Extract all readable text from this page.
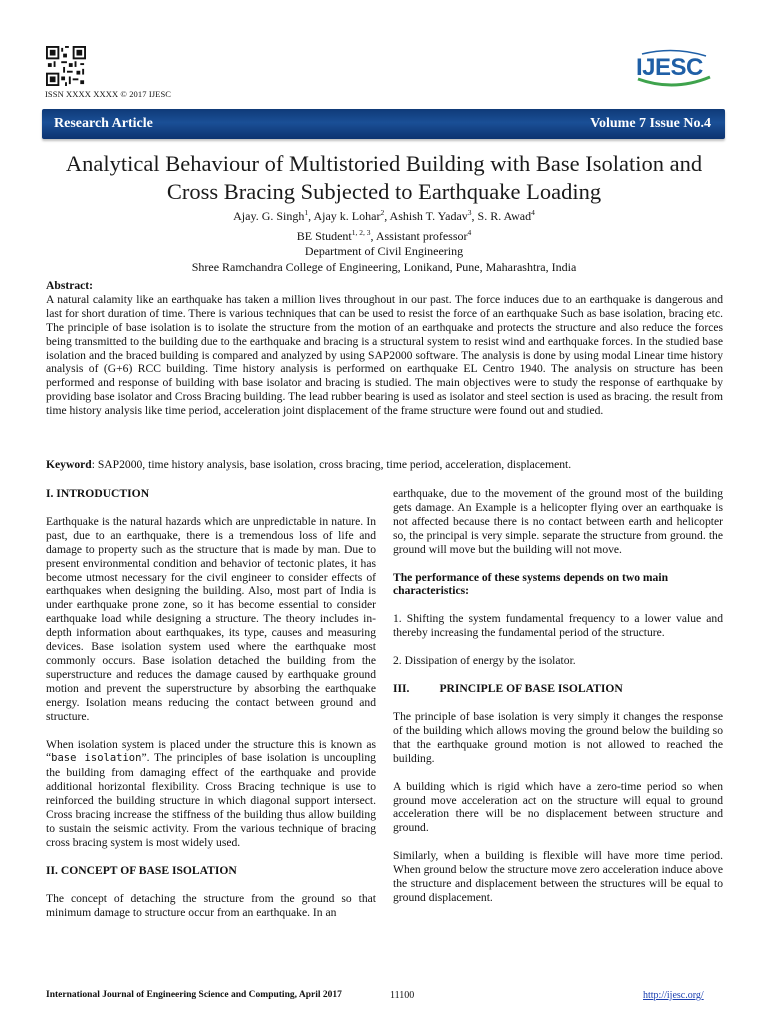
ISSN XXXX XXXX © 2017 IJESC
IJESC
Research Article	Volume 7 Issue No.4
Analytical Behaviour of Multistoried Building with Base Isolation and
Cross Bracing Subjected to Earthquake Loading
Ajay. G. Singh$^1$, Ajay k. Lohar$^2$, Ashish T. Yadav$^3$, S. R. Awad$^4$
BE Student$^{1, 2, 3}$, Assistant professor$^4$
Department of Civil Engineering
Shree Ramchandra College of Engineering, Lonikand, Pune, Maharashtra, India
Abstract:
A natural calamity like an earthquake has taken a million lives throughout in our past. The force induces due to an earthquake is dangerous and last for short duration of time. There is various techniques that can be used to resist the force of an earthquake Such as base isolation, bracing etc. The principle of base isolation is to isolate the structure from the motion of an earthquake and protects the structure and also reduce the forces being transmitted to the building due to the earthquake and bracing is a structural system to resist wind and earthquake forces. In the studied base isolation and the braced building is compared and analyzed by using SAP2000 software. The analysis is done by using modal Linear time history analysis of (G+6) RCC building. Time history analysis is performed on earthquake EL Centro 1940. The analysis on structure has been performed and response of building with base isolator and bracing is studied. The main objectives were to study the response of earthquake by providing base isolator and Cross Bracing building. The lead rubber bearing is used as isolator and steel section is used as bracing. the result from time history analysis like time period, acceleration joint displacement of the frame structure were found out and studied.
Keyword: SAP2000, time history analysis, base isolation, cross bracing, time period, acceleration, displacement.
I. INTRODUCTION

Earthquake is the natural hazards which are unpredictable in nature. In past, due to an earthquake, there is a tremendous loss of life and damage to property such as the structure that is made by man. Due to present environmental condition and behavior of tectonic plates, it has become utmost necessary for the civil engineer to consider effects of earthquakes when designing the building. Also, most part of India is under earthquake prone zone, so it has become essential to consider earthquake load while designing a structure. The theory includes in-depth information about earthquakes, its type, causes and measuring devices. Base isolation system used where the earthquake most commonly occurs. Base isolation detached the building from the superstructure and reduces the damage caused by earthquake ground motion and prevent the superstructure by absorbing the earthquake energy. Isolation means reducing the contact between ground and structure.

When isolation system is placed under the structure this is known as “base isolation”. The principles of base isolation is uncoupling the building from damaging effect of the earthquake and provide additional horizontal flexibility. Cross Bracing technique is use to reinforced the building structure in which diagonal support intersect. Cross bracing increase the stiffness of the building thus allow building to sustain the seismic activity. From the various technique of bracing cross bracing system is most widely used.

II. CONCEPT OF BASE ISOLATION

The concept of detaching the structure from the ground so that minimum damage to structure occur from an earthquake. In an

earthquake, due to the movement of the ground most of the building gets damage. An Example is a helicopter flying over an earthquake is not affected because there is no contact between earth and helicopter so, the principal is very simple. separate the structure from ground. the ground will move but the building will not move.

The performance of these systems depends on two main characteristics:

1. Shifting the system fundamental frequency to a lower value and thereby increasing the fundamental period of the structure.

2. Dissipation of energy by the isolator.

III.	PRINCIPLE OF BASE ISOLATION

The principle of base isolation is very simply it changes the response of the building which allows moving the ground below the building so that the earthquake ground motion is not allowed to reached the building.

A building which is rigid which have a zero-time period so when ground move acceleration act on the structure will equal to ground acceleration there will be no displacement between structure and ground.

Similarly, when a building is flexible will have more time period. When ground below the structure move zero acceleration induce above the structure and displacement between the structures will be equal to ground displacement.

International Journal of Engineering Science and Computing, April 2017	11100	http://ijesc.org/
